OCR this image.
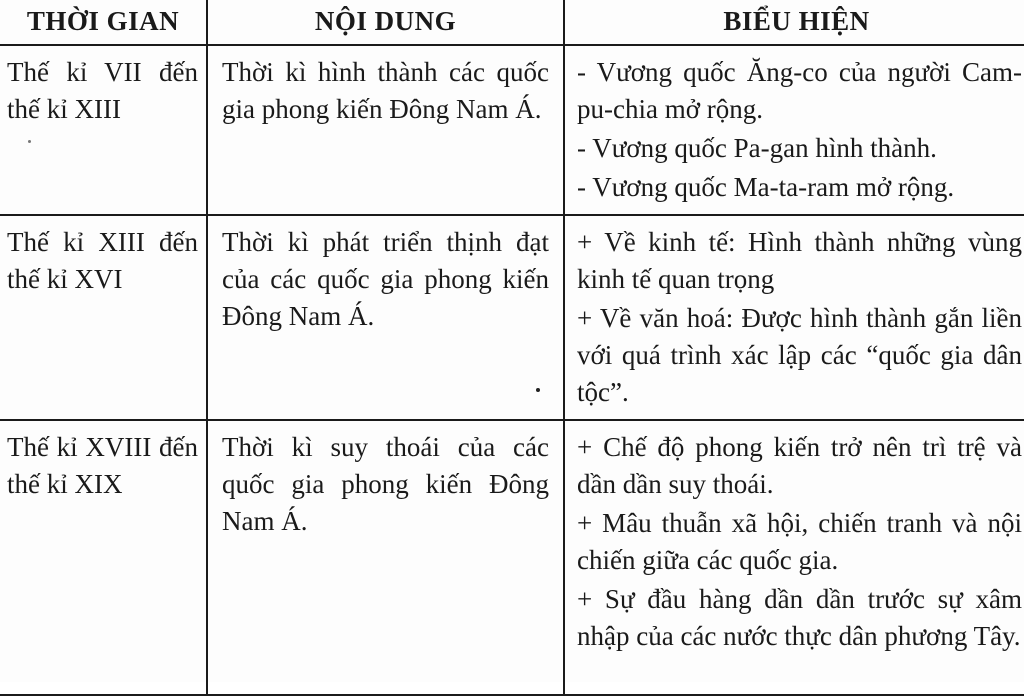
THỜI GIAN	NỘI DUNG	BIỂU HIỆN

Thế kỉ VII đến thế kỉ XIII	Thời kì hình thành các quốc gia phong kiến Đông Nam Á.	- Vương quốc Ăng-co của người Cam-pu-chia mở rộng.
- Vương quốc Pa-gan hình thành.
- Vương quốc Ma-ta-ram mở rộng.

Thế kỉ XIII đến thế kỉ XVI	Thời kì phát triển thịnh đạt của các quốc gia phong kiến Đông Nam Á.	+ Về kinh tế: Hình thành những vùng kinh tế quan trọng
+ Về văn hoá: Được hình thành gắn liền với quá trình xác lập các “quốc gia dân tộc”.

Thế kỉ XVIII đến thế kỉ XIX	Thời kì suy thoái của các quốc gia phong kiến Đông Nam Á.	+ Chế độ phong kiến trở nên trì trệ và dần dần suy thoái.
+ Mâu thuẫn xã hội, chiến tranh và nội chiến giữa các quốc gia.
+ Sự đầu hàng dần dần trước sự xâm nhập của các nước thực dân phương Tây.
